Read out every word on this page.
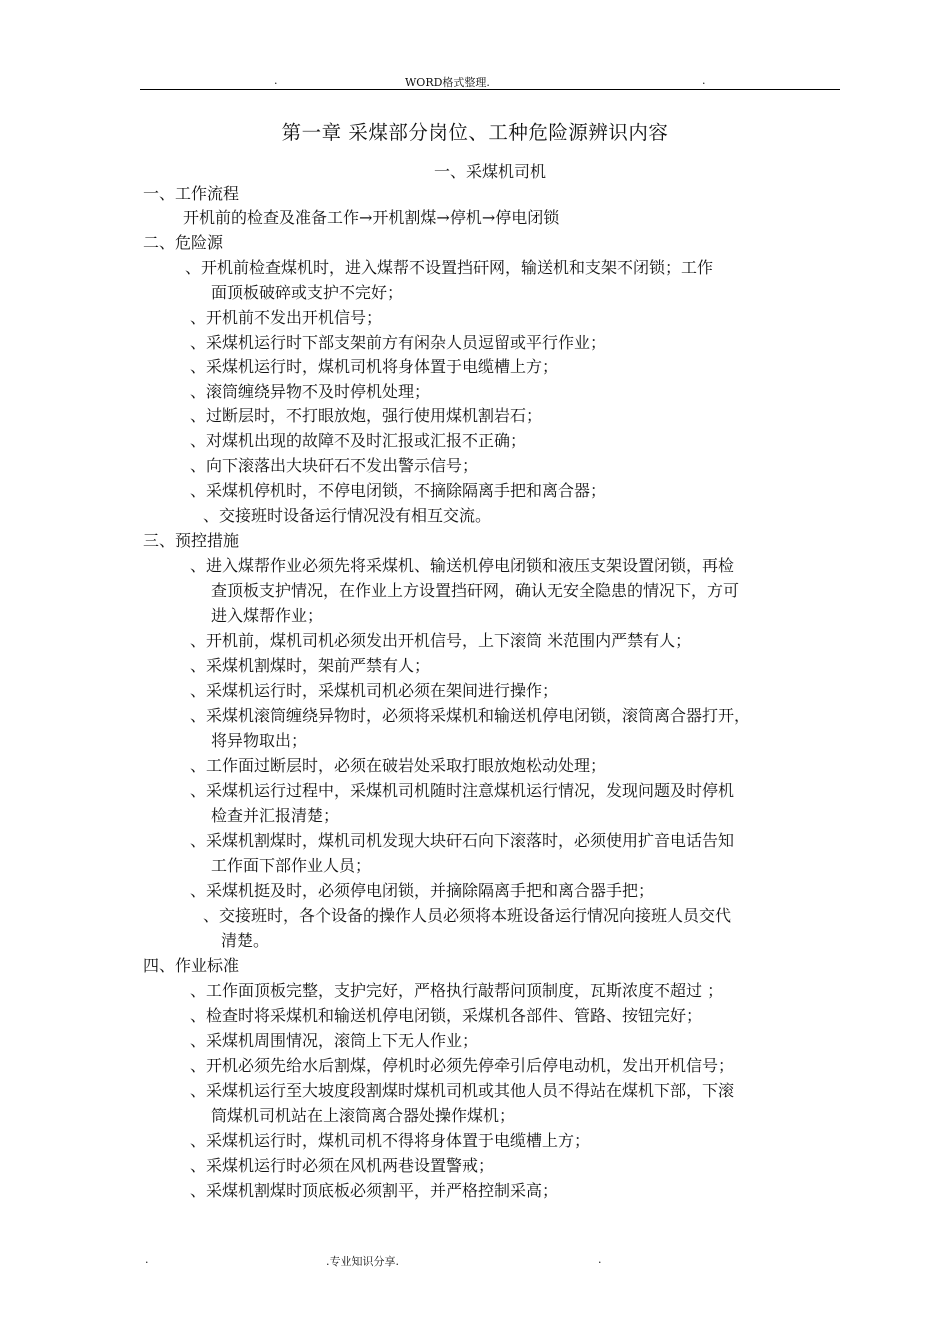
.	WORD格式整理.	.
第一章 采煤部分岗位、工种危险源辨识内容
一、采煤机司机
一、工作流程
开机前的检查及准备工作→开机割煤→停机→停电闭锁
二、危险源
、开机前检查煤机时，进入煤帮不设置挡矸网，输送机和支架不闭锁；工作
面顶板破碎或支护不完好；
、开机前不发出开机信号；
、采煤机运行时下部支架前方有闲杂人员逗留或平行作业；
、采煤机运行时，煤机司机将身体置于电缆槽上方；
、滚筒缠绕异物不及时停机处理；
、过断层时，不打眼放炮，强行使用煤机割岩石；
、对煤机出现的故障不及时汇报或汇报不正确；
、向下滚落出大块矸石不发出警示信号；
、采煤机停机时，不停电闭锁，不摘除隔离手把和离合器；
、交接班时设备运行情况没有相互交流。
三、预控措施
、进入煤帮作业必须先将采煤机、输送机停电闭锁和液压支架设置闭锁，再检
查顶板支护情况，在作业上方设置挡矸网，确认无安全隐患的情况下，方可
进入煤帮作业；
、开机前，煤机司机必须发出开机信号，上下滚筒 米范围内严禁有人；
、采煤机割煤时，架前严禁有人；
、采煤机运行时，采煤机司机必须在架间进行操作；
、采煤机滚筒缠绕异物时，必须将采煤机和输送机停电闭锁，滚筒离合器打开，
将异物取出；
、工作面过断层时，必须在破岩处采取打眼放炮松动处理；
、采煤机运行过程中，采煤机司机随时注意煤机运行情况，发现问题及时停机
检查并汇报清楚；
、采煤机割煤时，煤机司机发现大块矸石向下滚落时，必须使用扩音电话告知
工作面下部作业人员；
、采煤机挺及时，必须停电闭锁，并摘除隔离手把和离合器手把；
、交接班时，各个设备的操作人员必须将本班设备运行情况向接班人员交代
清楚。
四、作业标准
、工作面顶板完整，支护完好，严格执行敲帮问顶制度，瓦斯浓度不超过 ；
、检查时将采煤机和输送机停电闭锁，采煤机各部件、管路、按钮完好；
、采煤机周围情况，滚筒上下无人作业；
、开机必须先给水后割煤，停机时必须先停牵引后停电动机，发出开机信号；
、采煤机运行至大坡度段割煤时煤机司机或其他人员不得站在煤机下部，下滚
筒煤机司机站在上滚筒离合器处操作煤机；
、采煤机运行时，煤机司机不得将身体置于电缆槽上方；
、采煤机运行时必须在风机两巷设置警戒；
、采煤机割煤时顶底板必须割平，并严格控制采高；
.	.专业知识分享.	.
